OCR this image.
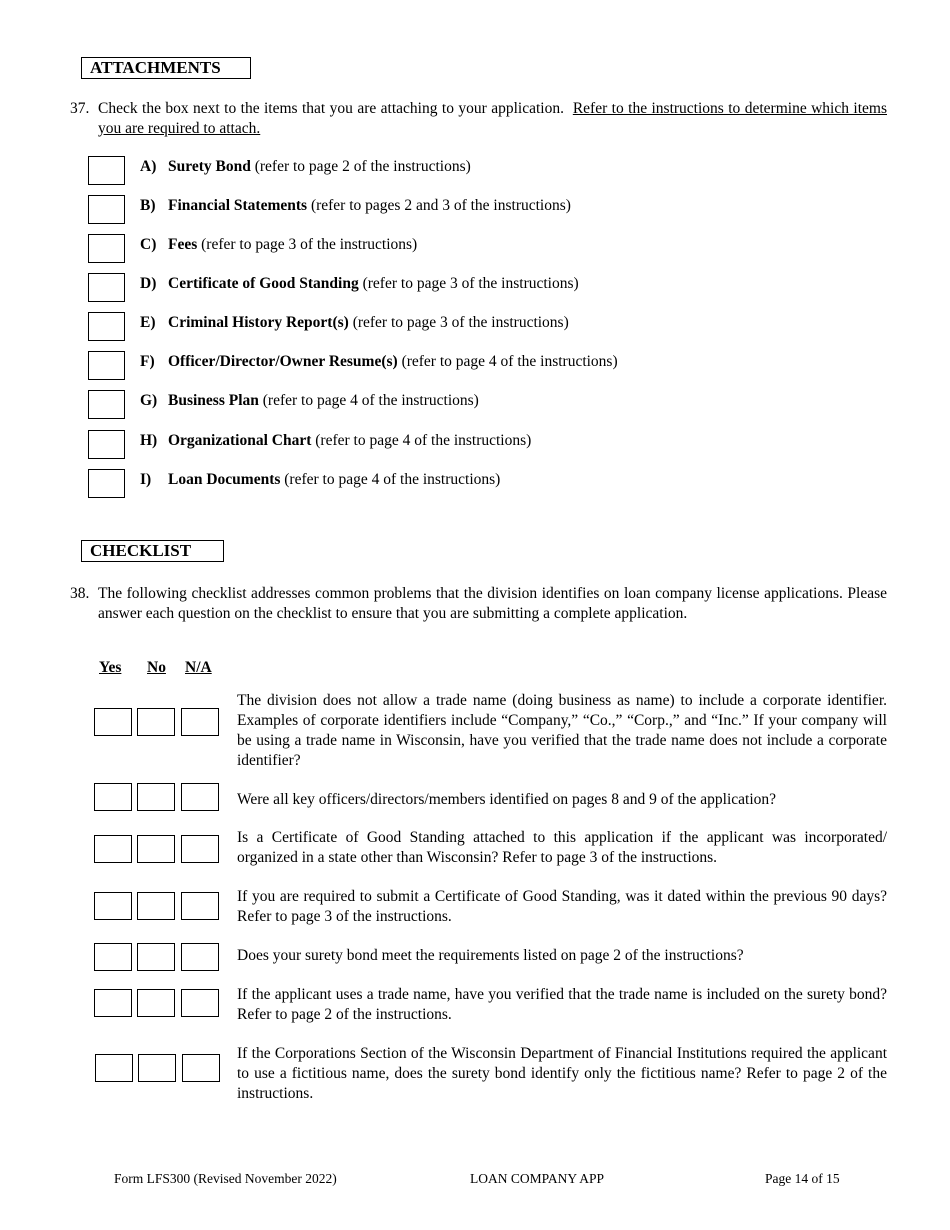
ATTACHMENTS
37. Check the box next to the items that you are attaching to your application. Refer to the instructions to determine which items you are required to attach.
A) Surety Bond (refer to page 2 of the instructions)
B) Financial Statements (refer to pages 2 and 3 of the instructions)
C) Fees (refer to page 3 of the instructions)
D) Certificate of Good Standing (refer to page 3 of the instructions)
E) Criminal History Report(s) (refer to page 3 of the instructions)
F) Officer/Director/Owner Resume(s) (refer to page 4 of the instructions)
G) Business Plan (refer to page 4 of the instructions)
H) Organizational Chart (refer to page 4 of the instructions)
I) Loan Documents (refer to page 4 of the instructions)
CHECKLIST
38. The following checklist addresses common problems that the division identifies on loan company license applications. Please answer each question on the checklist to ensure that you are submitting a complete application.
Yes No N/A
The division does not allow a trade name (doing business as name) to include a corporate identifier. Examples of corporate identifiers include “Company,” “Co.,” “Corp.,” and “Inc.” If your company will be using a trade name in Wisconsin, have you verified that the trade name does not include a corporate identifier?
Were all key officers/directors/members identified on pages 8 and 9 of the application?
Is a Certificate of Good Standing attached to this application if the applicant was incorporated/ organized in a state other than Wisconsin? Refer to page 3 of the instructions.
If you are required to submit a Certificate of Good Standing, was it dated within the previous 90 days? Refer to page 3 of the instructions.
Does your surety bond meet the requirements listed on page 2 of the instructions?
If the applicant uses a trade name, have you verified that the trade name is included on the surety bond? Refer to page 2 of the instructions.
If the Corporations Section of the Wisconsin Department of Financial Institutions required the applicant to use a fictitious name, does the surety bond identify only the fictitious name? Refer to page 2 of the instructions.
Form LFS300 (Revised November 2022)	LOAN COMPANY APP	Page 14 of 15
